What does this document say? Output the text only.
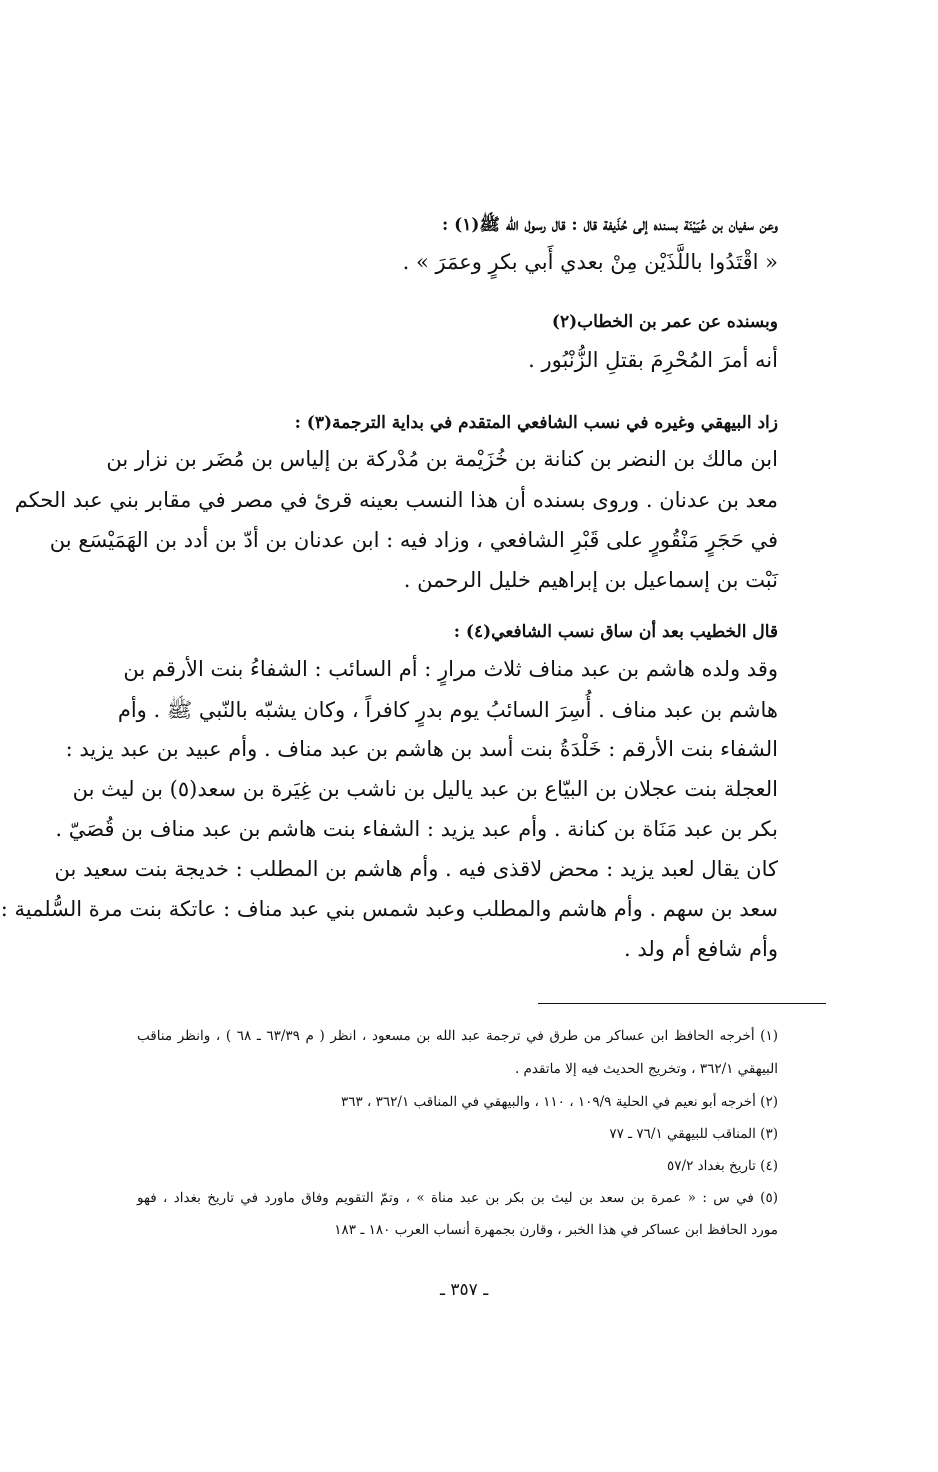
وعن سفيان بن عُيَيْنَة بسنده إلى حُذَيفة قال : قال رسول الله ﷺ(١) :
« اقْتَدُوا باللَّذَيْن مِنْ بعدي أَبي بكرٍ وعمَرَ » .
وبسنده عن عمر بن الخطاب(٢)
أنه أمرَ المُحْرِمَ بقتلِ الزُّنْبُور .
زاد البيهقي وغيره في نسب الشافعي المتقدم في بداية الترجمة(٣) :
ابن مالك بن النضر بن كنانة بن خُزَيْمة بن مُدْركة بن إلياس بن مُضَر بن نزار بن
معد بن عدنان . وروى بسنده أن هذا النسب بعينه قرئ في مصر في مقابر بني عبد الحكم
في حَجَرٍ مَنْقُورٍ على قَبْرِ الشافعي ، وزاد فيه : ابن عدنان بن أدّ بن أدد بن الهَمَيْسَع بن
نَبْت بن إسماعيل بن إبراهيم خليل الرحمن .
قال الخطيب بعد أن ساق نسب الشافعي(٤) :
وقد ولده هاشم بن عبد مناف ثلاث مرارٍ : أم السائب : الشفاءُ بنت الأرقم بن
هاشم بن عبد مناف . أُسِرَ السائبُ يوم بدرٍ كافراً ، وكان يشبّه بالنّبي ﷺ . وأم
الشفاء بنت الأرقم : خَلْدَةُ بنت أسد بن هاشم بن عبد مناف . وأم عبيد بن عبد يزيد :
العجلة بنت عجلان بن البيّاع بن عبد ياليل بن ناشب بن غِيَرة بن سعد(٥) بن ليث بن
بكر بن عبد مَنَاة بن كنانة . وأم عبد يزيد : الشفاء بنت هاشم بن عبد مناف بن قُصَيّ .
كان يقال لعبد يزيد : محض لاقذى فيه . وأم هاشم بن المطلب : خديجة بنت سعيد بن
سعد بن سهم . وأم هاشم والمطلب وعبد شمس بني عبد مناف : عاتكة بنت مرة السُّلمية :
وأم شافع أم ولد .
(١) أخرجه الحافظ ابن عساكر من طرق في ترجمة عبد الله بن مسعود ، انظر ( م ٦٣/٣٩ ـ ٦٨ ) ، وانظر مناقب
البيهقي ٣٦٢/١ ، وتخريج الحديث فيه إلا ماتقدم .
(٢) أخرجه أبو نعيم في الحلية ١٠٩/٩ ، ١١٠ ، والبيهقي في المناقب ٣٦٢/١ ، ٣٦٣
(٣) المناقب للبيهقي ٧٦/١ ـ ٧٧
(٤) تاريخ بغداد ٥٧/٢
(٥) في س : « عمرة بن سعد بن ليث بن بكر بن عبد مناة » ، وتمّ التقويم وفاق ماورد في تاريخ بغداد ، فهو
مورد الحافظ ابن عساكر في هذا الخبر ، وقارن بجمهرة أنساب العرب ١٨٠ ـ ١٨٣
ـ ٣٥٧ ـ
